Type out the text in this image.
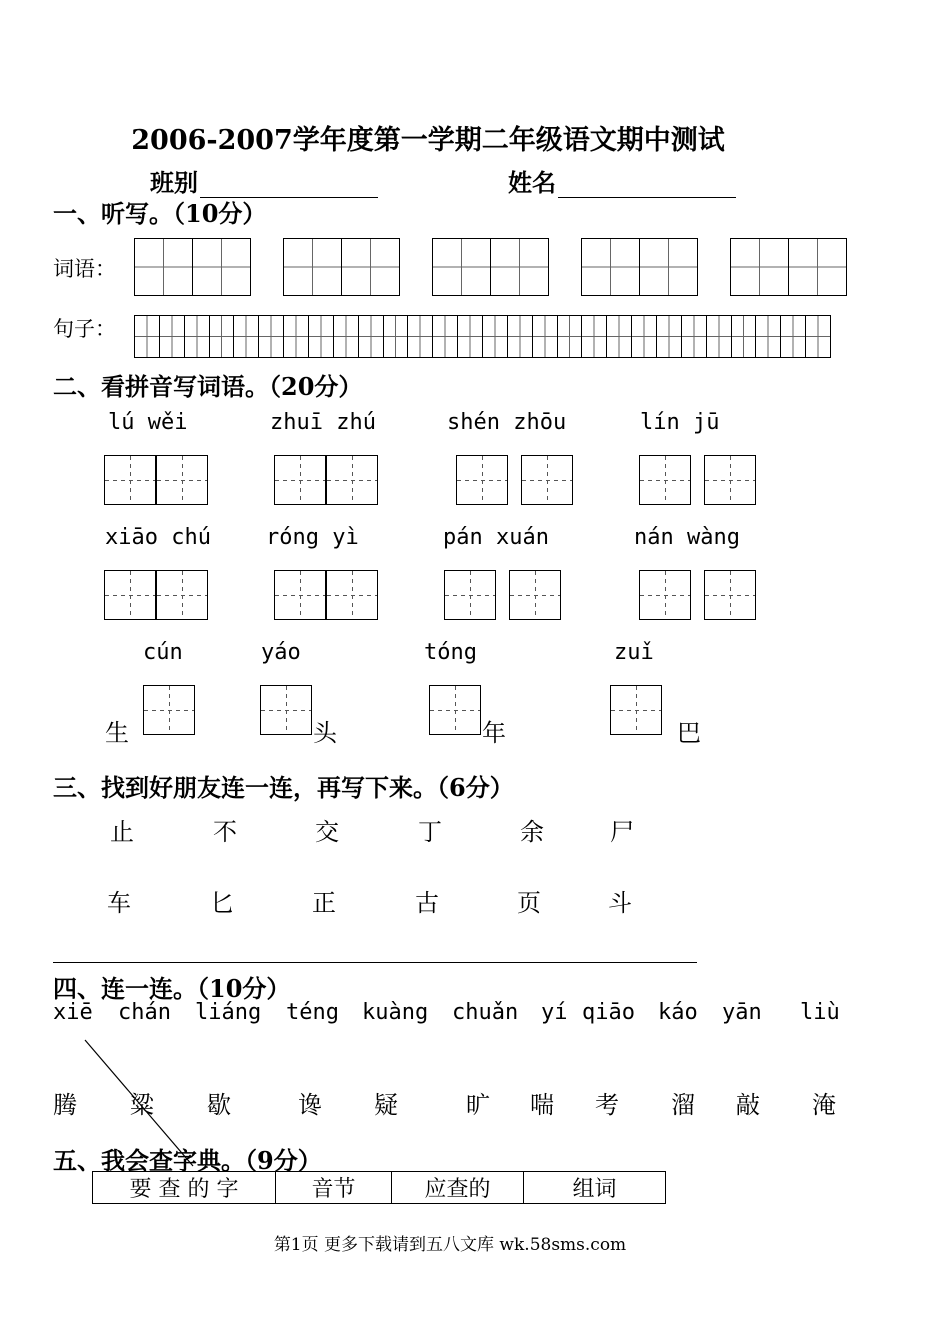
2006-2007学年度第一学期二年级语文期中测试
班别	姓名
一、听写。（10分）
词语：
句子：
二、看拼音写词语。（20分）
lú wěi	zhuī zhú	shén zhōu	lín jū
xiāo chú	róng yì	pán xuán	nán wàng
cún	yáo	tóng	zuǐ
生	头	年	巴
三、找到好朋友连一连，再写下来。（6分）
止	不	交	丁	余	尸
车	匕	正	古	页	斗
四、连一连。（10分）
xiē chán liáng téng kuàng chuǎn yí qiāo káo yān liù
腾 粱 歇	谗 疑	旷 喘 考 溜 敲 淹
五、我会查字典。（9分）
要 查 的 字	音节	应查的	组词
第1页 更多下载请到五八文库 wk.58sms.com
